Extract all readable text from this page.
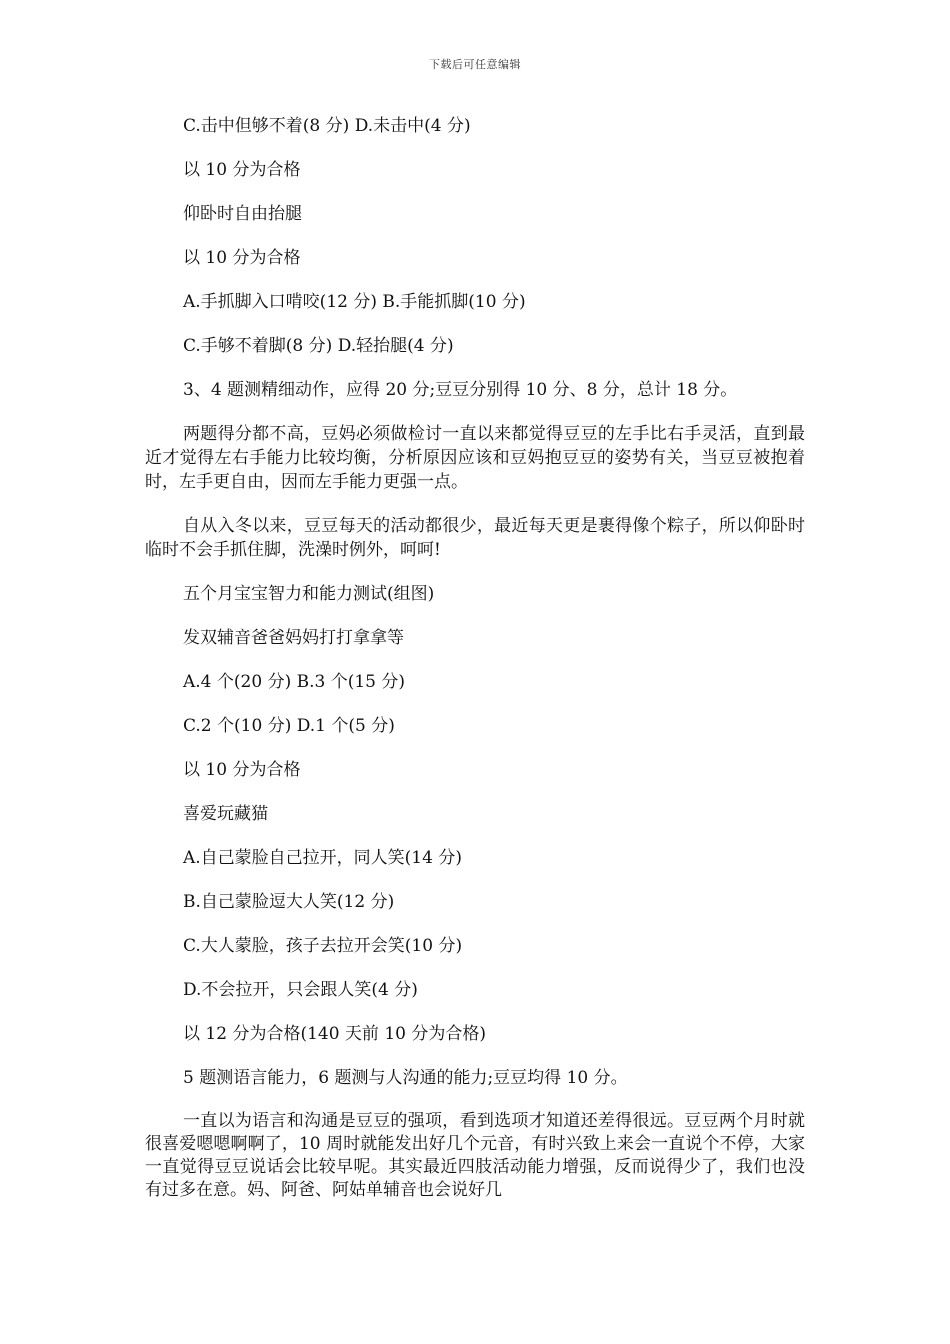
下载后可任意编辑

C.击中但够不着(8 分) D.未击中(4 分)

以 10 分为合格

仰卧时自由抬腿

以 10 分为合格

A.手抓脚入口啃咬(12 分) B.手能抓脚(10 分)

C.手够不着脚(8 分) D.轻抬腿(4 分)

3、4 题测精细动作，应得 20 分;豆豆分别得 10 分、8 分，总计 18 分。

两题得分都不高，豆妈必须做检讨一直以来都觉得豆豆的左手比右手灵活，直到最近才觉得左右手能力比较均衡，分析原因应该和豆妈抱豆豆的姿势有关，当豆豆被抱着时，左手更自由，因而左手能力更强一点。

自从入冬以来，豆豆每天的活动都很少，最近每天更是裹得像个粽子，所以仰卧时临时不会手抓住脚，洗澡时例外，呵呵!

五个月宝宝智力和能力测试(组图)

发双辅音爸爸妈妈打打拿拿等

A.4 个(20 分) B.3 个(15 分)

C.2 个(10 分) D.1 个(5 分)

以 10 分为合格

喜爱玩藏猫

A.自己蒙脸自己拉开，同人笑(14 分)

B.自己蒙脸逗大人笑(12 分)

C.大人蒙脸，孩子去拉开会笑(10 分)

D.不会拉开，只会跟人笑(4 分)

以 12 分为合格(140 天前 10 分为合格)

5 题测语言能力，6 题测与人沟通的能力;豆豆均得 10 分。

一直以为语言和沟通是豆豆的强项，看到选项才知道还差得很远。豆豆两个月时就很喜爱嗯嗯啊啊了，10 周时就能发出好几个元音，有时兴致上来会一直说个不停，大家一直觉得豆豆说话会比较早呢。其实最近四肢活动能力增强，反而说得少了，我们也没有过多在意。妈、阿爸、阿姑单辅音也会说好几
